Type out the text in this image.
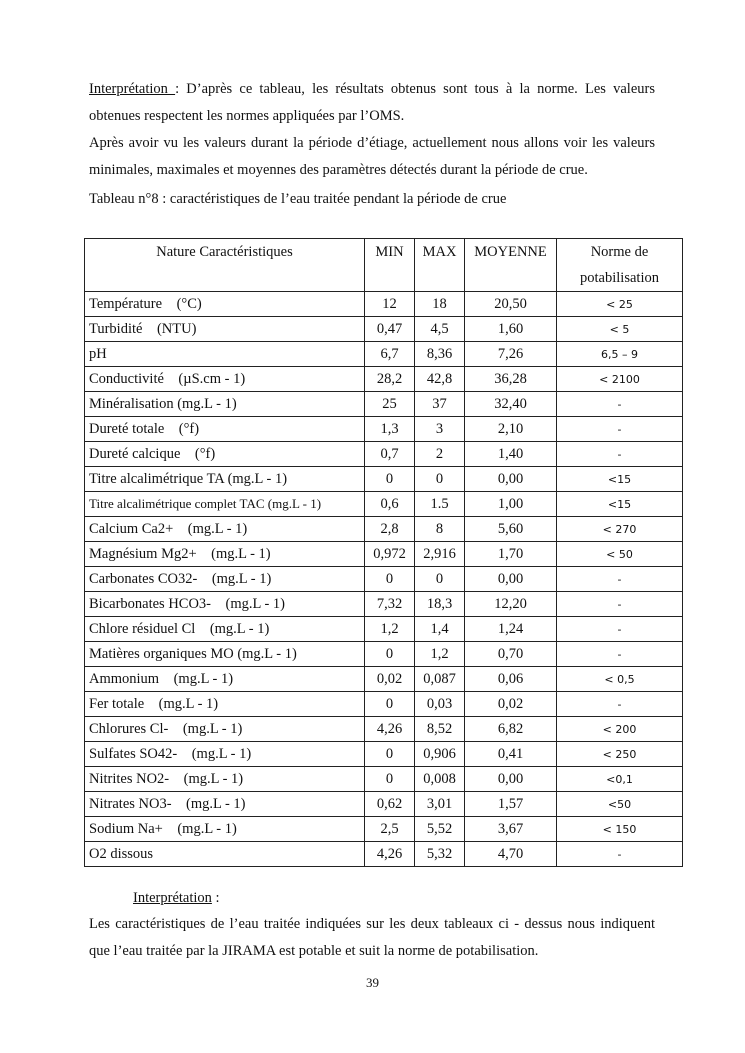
Interprétation : D’après ce tableau, les résultats obtenus sont tous à la norme. Les valeurs obtenues respectent les normes appliquées par l’OMS.
Après avoir vu les valeurs durant la période d’étiage, actuellement nous allons voir les valeurs minimales, maximales et moyennes des paramètres détectés durant la période de crue.

Tableau n°8 : caractéristiques de l’eau traitée pendant la période de crue
Nature Caractéristiques	MIN	MAX	MOYENNE	Norme de potabilisation
Température (°C)	12	18	20,50	< 25
Turbidité (NTU)	0,47	4,5	1,60	< 5
pH	6,7	8,36	7,26	6,5 – 9
Conductivité (µS.cm - 1)	28,2	42,8	36,28	< 2100
Minéralisation (mg.L - 1)	25	37	32,40	-
Dureté totale (°f)	1,3	3	2,10	-
Dureté calcique (°f)	0,7	2	1,40	-
Titre alcalimétrique TA (mg.L - 1)	0	0	0,00	<15
Titre alcalimétrique complet TAC (mg.L - 1)	0,6	1.5	1,00	<15
Calcium Ca2+ (mg.L - 1)	2,8	8	5,60	< 270
Magnésium Mg2+ (mg.L - 1)	0,972	2,916	1,70	< 50
Carbonates CO32- (mg.L - 1)	0	0	0,00	-
Bicarbonates HCO3- (mg.L - 1)	7,32	18,3	12,20	-
Chlore résiduel Cl (mg.L - 1)	1,2	1,4	1,24	-
Matières organiques MO (mg.L - 1)	0	1,2	0,70	-
Ammonium (mg.L - 1)	0,02	0,087	0,06	< 0,5
Fer totale (mg.L - 1)	0	0,03	0,02	-
Chlorures Cl- (mg.L - 1)	4,26	8,52	6,82	< 200
Sulfates SO42- (mg.L - 1)	0	0,906	0,41	< 250
Nitrites NO2- (mg.L - 1)	0	0,008	0,00	<0,1
Nitrates NO3- (mg.L - 1)	0,62	3,01	1,57	<50
Sodium Na+ (mg.L - 1)	2,5	5,52	3,67	< 150
O2 dissous	4,26	5,32	4,70	-
Interprétation :

Les caractéristiques de l’eau traitée indiquées sur les deux tableaux ci - dessus nous indiquent que l’eau traitée par la JIRAMA est potable et suit la norme de potabilisation.

39
